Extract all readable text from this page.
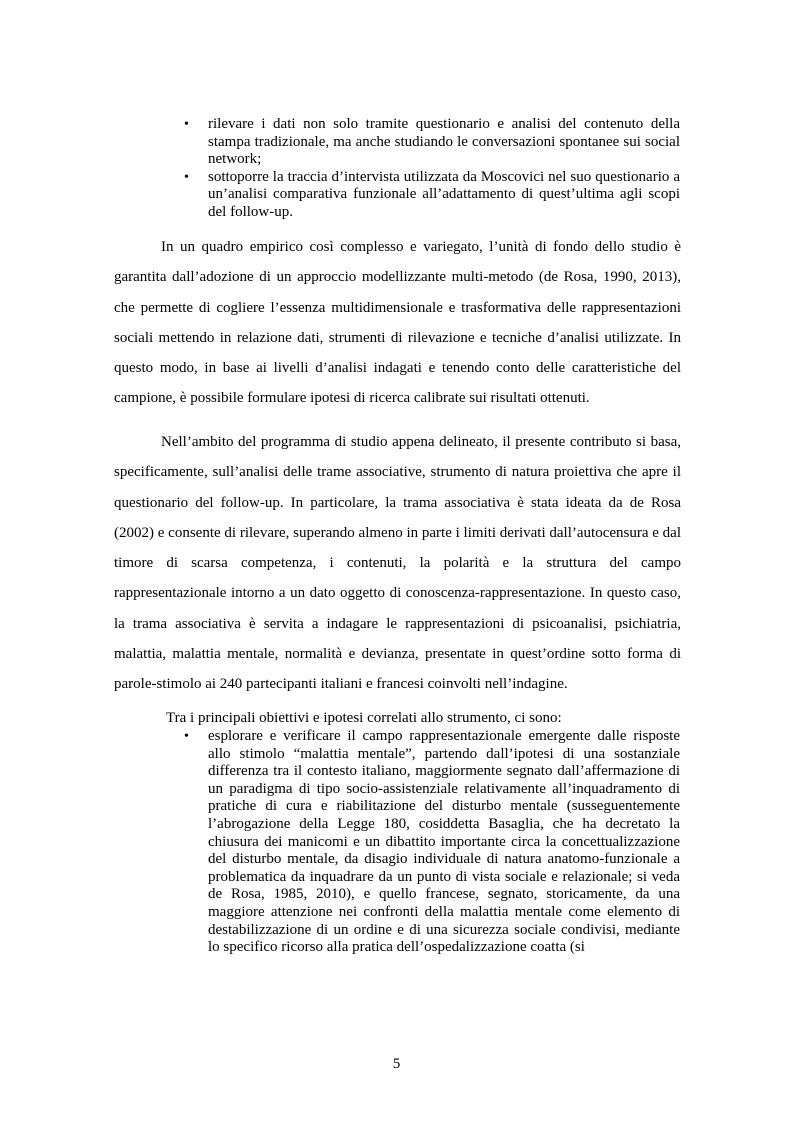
• rilevare i dati non solo tramite questionario e analisi del contenuto della stampa tradizionale, ma anche studiando le conversazioni spontanee sui social network;
• sottoporre la traccia d’intervista utilizzata da Moscovici nel suo questionario a un’analisi comparativa funzionale all’adattamento di quest’ultima agli scopi del follow-up.

In un quadro empirico così complesso e variegato, l’unità di fondo dello studio è garantita dall’adozione di un approccio modellizzante multi-metodo (de Rosa, 1990, 2013), che permette di cogliere l’essenza multidimensionale e trasformativa delle rappresentazioni sociali mettendo in relazione dati, strumenti di rilevazione e tecniche d’analisi utilizzate. In questo modo, in base ai livelli d’analisi indagati e tenendo conto delle caratteristiche del campione, è possibile formulare ipotesi di ricerca calibrate sui risultati ottenuti.

Nell’ambito del programma di studio appena delineato, il presente contributo si basa, specificamente, sull’analisi delle trame associative, strumento di natura proiettiva che apre il questionario del follow-up. In particolare, la trama associativa è stata ideata da de Rosa (2002) e consente di rilevare, superando almeno in parte i limiti derivati dall’autocensura e dal timore di scarsa competenza, i contenuti, la polarità e la struttura del campo rappresentazionale intorno a un dato oggetto di conoscenza-rappresentazione. In questo caso, la trama associativa è servita a indagare le rappresentazioni di psicoanalisi, psichiatria, malattia, malattia mentale, normalità e devianza, presentate in quest’ordine sotto forma di parole-stimolo ai 240 partecipanti italiani e francesi coinvolti nell’indagine.

Tra i principali obiettivi e ipotesi correlati allo strumento, ci sono:

• esplorare e verificare il campo rappresentazionale emergente dalle risposte allo stimolo “malattia mentale”, partendo dall’ipotesi di una sostanziale differenza tra il contesto italiano, maggiormente segnato dall’affermazione di un paradigma di tipo socio-assistenziale relativamente all’inquadramento di pratiche di cura e riabilitazione del disturbo mentale (susseguentemente l’abrogazione della Legge 180, cosiddetta Basaglia, che ha decretato la chiusura dei manicomi e un dibattito importante circa la concettualizzazione del disturbo mentale, da disagio individuale di natura anatomo-funzionale a problematica da inquadrare da un punto di vista sociale e relazionale; si veda de Rosa, 1985, 2010), e quello francese, segnato, storicamente, da una maggiore attenzione nei confronti della malattia mentale come elemento di destabilizzazione di un ordine e di una sicurezza sociale condivisi, mediante lo specifico ricorso alla pratica dell’ospedalizzazione coatta (si
5
